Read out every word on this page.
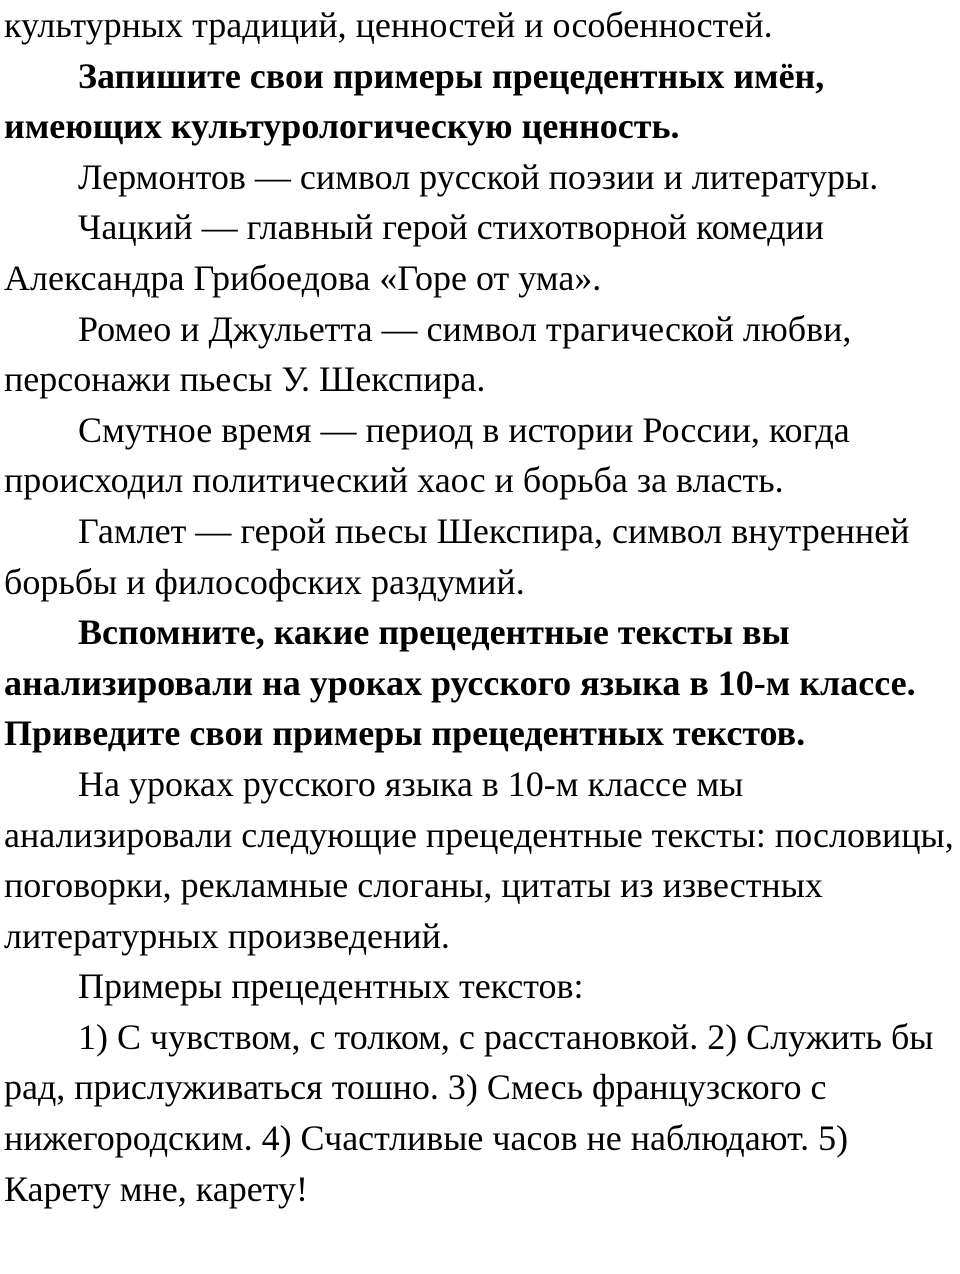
культурных традиций, ценностей и особенностей.

Запишите свои примеры прецедентных имён, имеющих культурологическую ценность.

Лермонтов — символ русской поэзии и литературы.

Чацкий — главный герой стихотворной комедии Александра Грибоедова «Горе от ума».

Ромео и Джульетта — символ трагической любви, персонажи пьесы У. Шекспира.

Смутное время — период в истории России, когда происходил политический хаос и борьба за власть.

Гамлет — герой пьесы Шекспира, символ внутренней борьбы и философских раздумий.

Вспомните, какие прецедентные тексты вы анализировали на уроках русского языка в 10-м классе. Приведите свои примеры прецедентных текстов.

На уроках русского языка в 10-м классе мы анализировали следующие прецедентные тексты: пословицы, поговорки, рекламные слоганы, цитаты из известных литературных произведений.

Примеры прецедентных текстов:

1) С чувством, с толком, с расстановкой. 2) Служить бы рад, прислуживаться тошно. 3) Смесь французского с нижегородским. 4) Счастливые часов не наблюдают. 5) Карету мне, карету!
